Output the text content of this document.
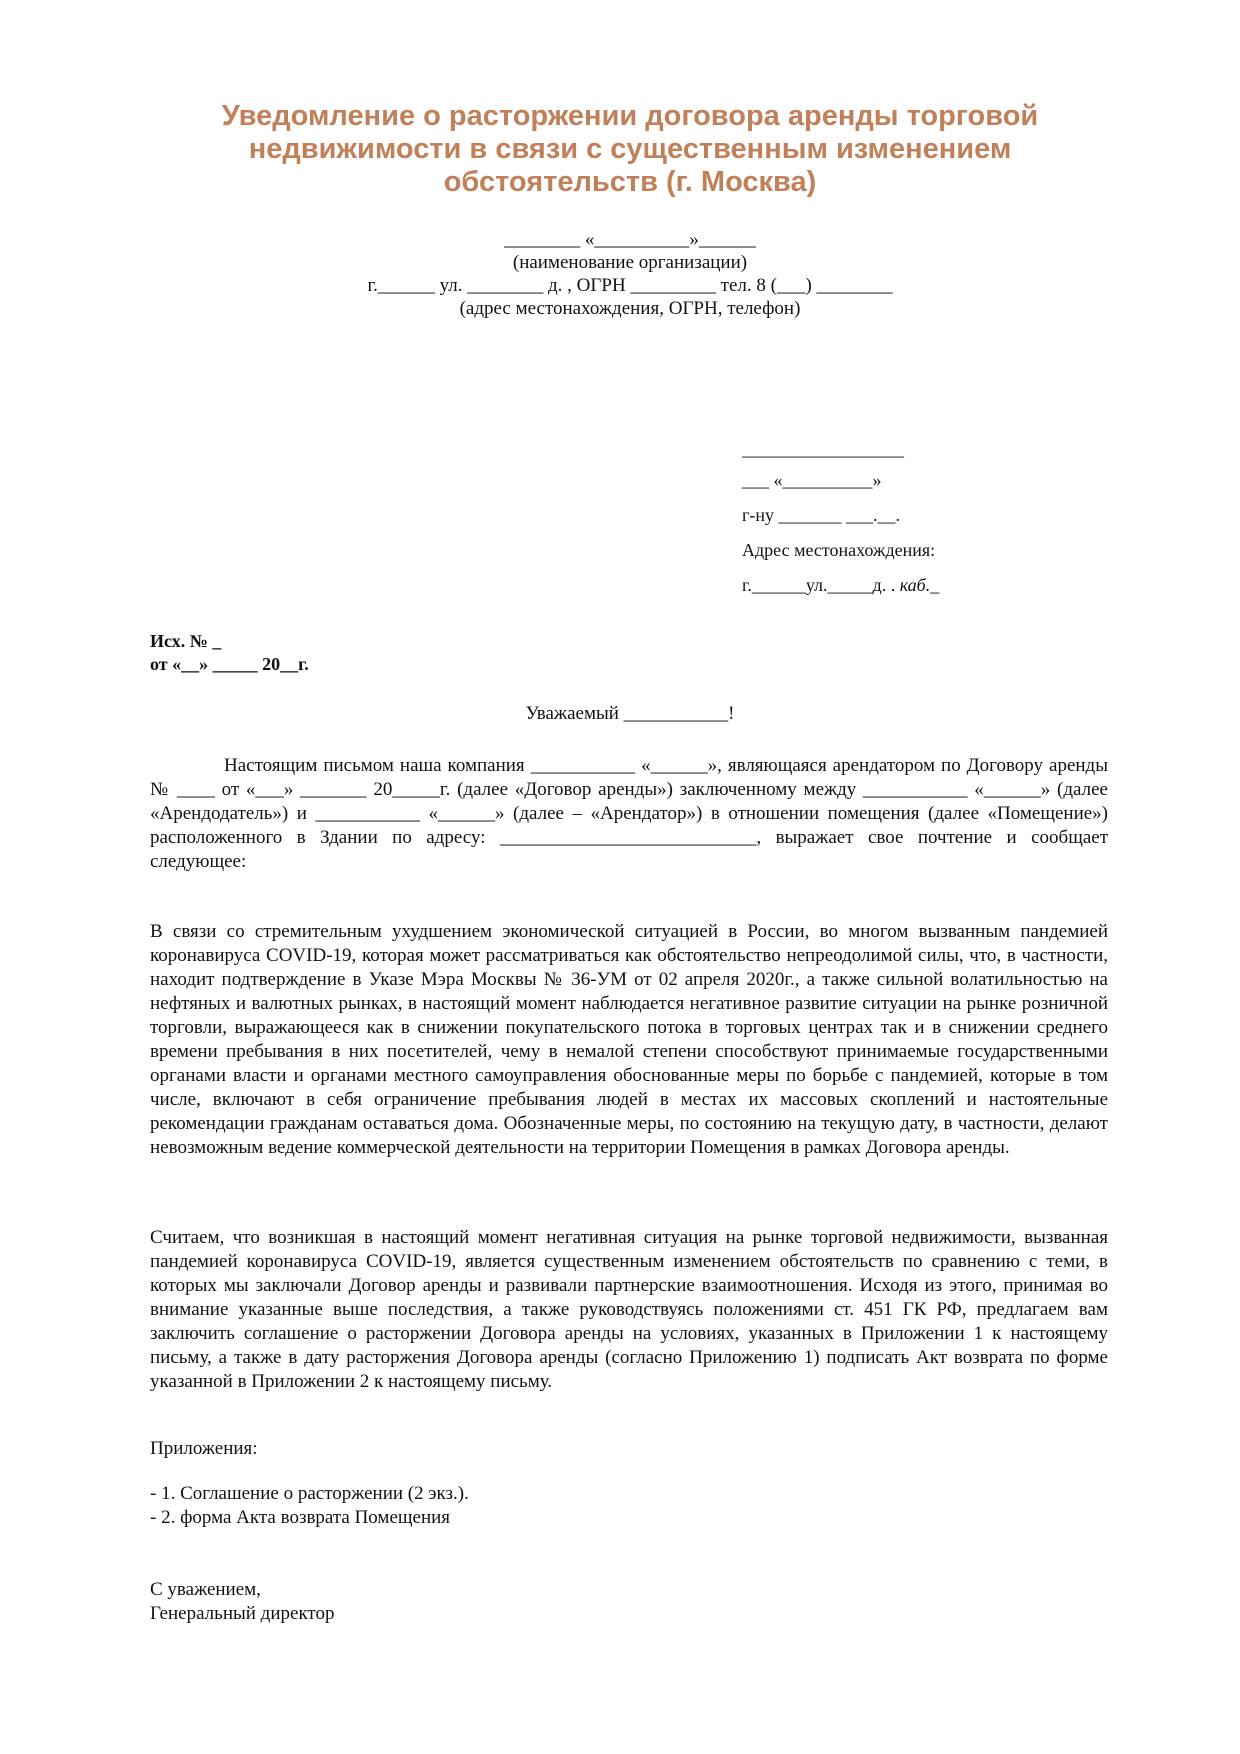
Уведомление о расторжении договора аренды торговой
недвижимости в связи с существенным изменением
обстоятельств (г. Москва)
________ «__________»______
(наименование организации)
г.______ ул. ________ д. , ОГРН _________ тел. 8 (___) ________
(адрес местонахождения, ОГРН, телефон)
__________________
___ «__________»
г-ну _______ ___.__.
Адрес местонахождения:
г.______ул._____д. . каб._
Исх. № _
от «__» _____ 20__г.
Уважаемый ___________!

Настоящим письмом наша компания ___________ «______», являющаяся арендатором по Договору аренды № ____ от «___» _______ 20_____г. (далее «Договор аренды») заключенному между ___________ «______» (далее «Арендодатель») и ___________ «______» (далее – «Арендатор») в отношении помещения (далее «Помещение») расположенного в Здании по адресу: ___________________________, выражает свое почтение и сообщает следующее:

В связи со стремительным ухудшением экономической ситуацией в России, во многом вызванным пандемией коронавируса COVID-19, которая может рассматриваться как обстоятельство непреодолимой силы, что, в частности, находит подтверждение в Указе Мэра Москвы № 36-УМ от 02 апреля 2020г., а также сильной волатильностью на нефтяных и валютных рынках, в настоящий момент наблюдается негативное развитие ситуации на рынке розничной торговли, выражающееся как в снижении покупательского потока в торговых центрах так и в снижении среднего времени пребывания в них посетителей, чему в немалой степени способствуют принимаемые государственными органами власти и органами местного самоуправления обоснованные меры по борьбе с пандемией, которые в том числе, включают в себя ограничение пребывания людей в местах их массовых скоплений и настоятельные рекомендации гражданам оставаться дома. Обозначенные меры, по состоянию на текущую дату, в частности, делают невозможным ведение коммерческой деятельности на территории Помещения в рамках Договора аренды.

Считаем, что возникшая в настоящий момент негативная ситуация на рынке торговой недвижимости, вызванная пандемией коронавируса COVID-19, является существенным изменением обстоятельств по сравнению с теми, в которых мы заключали Договор аренды и развивали партнерские взаимоотношения. Исходя из этого, принимая во внимание указанные выше последствия, а также руководствуясь положениями ст. 451 ГК РФ, предлагаем вам заключить соглашение о расторжении Договора аренды на условиях, указанных в Приложении 1 к настоящему письму, а также в дату расторжения Договора аренды (согласно Приложению 1) подписать Акт возврата по форме указанной в Приложении 2 к настоящему письму.

Приложения:
- 1. Соглашение о расторжении (2 экз.).
- 2. форма Акта возврата Помещения
С уважением,
Генеральный директор
